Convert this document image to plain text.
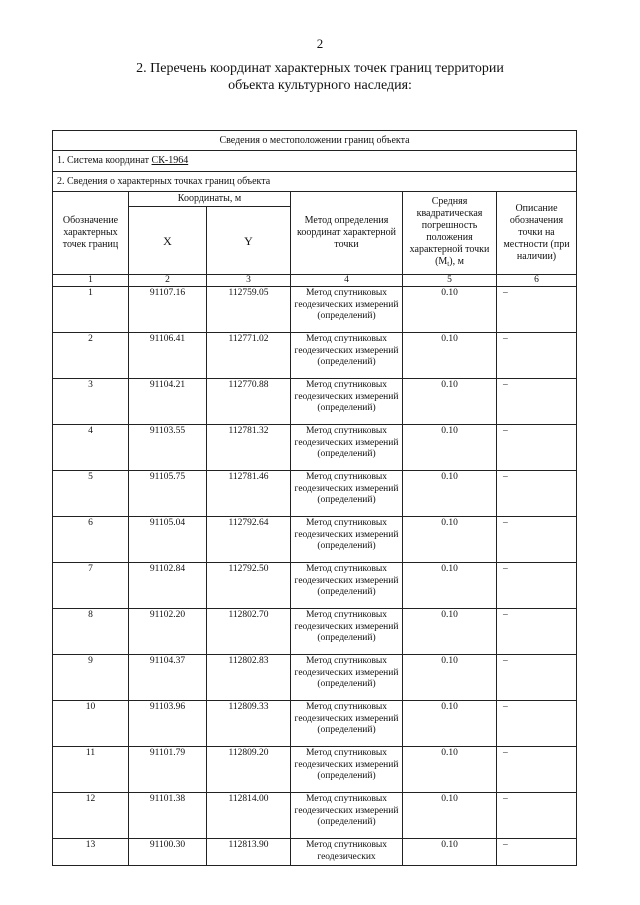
2
2. Перечень координат характерных точек границ территории
объекта культурного наследия:
Сведения о местоположении границ объекта					
1. Система координат СК-1964					
2. Сведения о характерных точках границ объекта					
Обозначение характерных точек границ	Координаты, м		Метод определения координат характерной точки	Средняя квадратическая погрешность положения характерной точки $(M_t)$, м	Описание обозначения точки на местности (при наличии)
	X	Y			
1	2	3	4	5	6
1	91107.16	112759.05	Метод спутниковых геодезических измерений (определений)	0.10	–
2	91106.41	112771.02	Метод спутниковых геодезических измерений (определений)	0.10	–
3	91104.21	112770.88	Метод спутниковых геодезических измерений (определений)	0.10	–
4	91103.55	112781.32	Метод спутниковых геодезических измерений (определений)	0.10	–
5	91105.75	112781.46	Метод спутниковых геодезических измерений (определений)	0.10	–
6	91105.04	112792.64	Метод спутниковых геодезических измерений (определений)	0.10	–
7	91102.84	112792.50	Метод спутниковых геодезических измерений (определений)	0.10	–
8	91102.20	112802.70	Метод спутниковых геодезических измерений (определений)	0.10	–
9	91104.37	112802.83	Метод спутниковых геодезических измерений (определений)	0.10	–
10	91103.96	112809.33	Метод спутниковых геодезических измерений (определений)	0.10	–
11	91101.79	112809.20	Метод спутниковых геодезических измерений (определений)	0.10	–
12	91101.38	112814.00	Метод спутниковых геодезических измерений (определений)	0.10	–
13	91100.30	112813.90	Метод спутниковых геодезических	0.10	–
